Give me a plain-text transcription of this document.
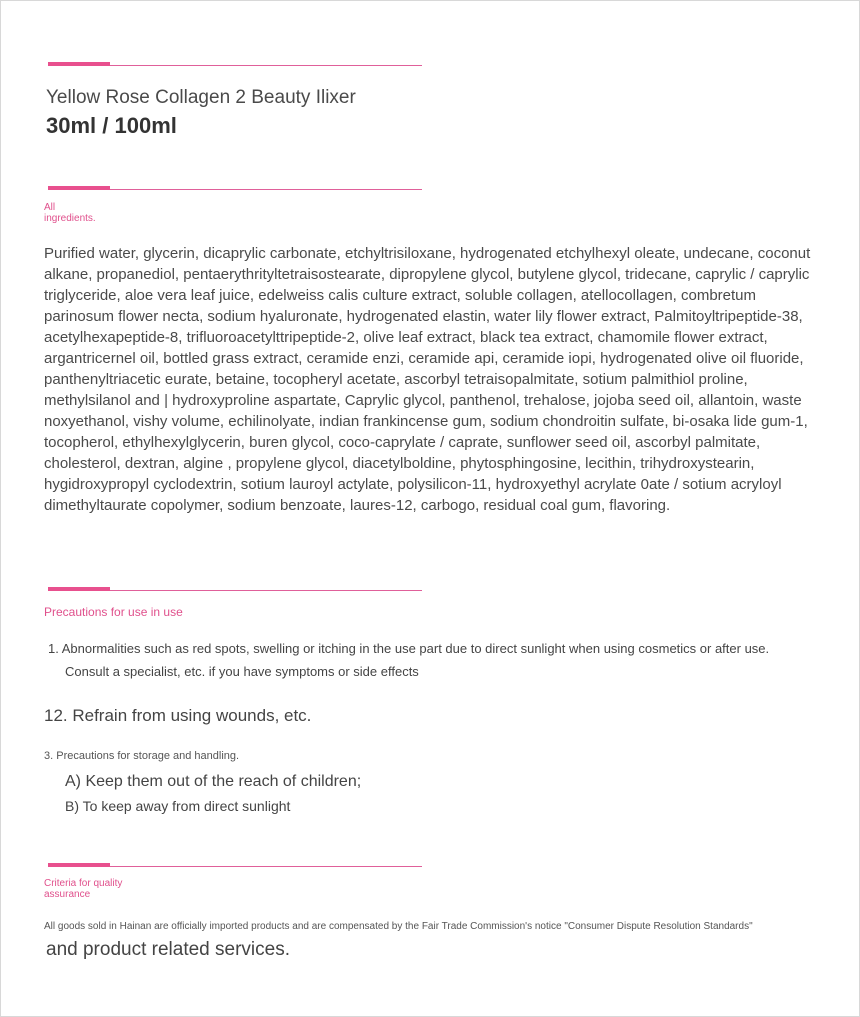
Yellow Rose Collagen 2 Beauty Ilixer
30ml / 100ml
All
ingredients.
Purified water, glycerin, dicaprylic carbonate, etchyltrisiloxane, hydrogenated etchylhexyl oleate, undecane, coconut alkane, propanediol, pentaerythrityltetraisostearate, dipropylene glycol, butylene glycol, tridecane, caprylic / caprylic triglyceride, aloe vera leaf juice, edelweiss calis culture extract, soluble collagen, atellocollagen, combretum parinosum flower necta, sodium hyaluronate, hydrogenated elastin, water lily flower extract, Palmitoyltripeptide-38, acetylhexapeptide-8, trifluoroacetylttripeptide-2, olive leaf extract, black tea extract, chamomile flower extract, argantricernel oil, bottled grass extract, ceramide enzi, ceramide api, ceramide iopi, hydrogenated olive oil fluoride, panthenyltriacetic eurate, betaine, tocopheryl acetate, ascorbyl tetraisopalmitate, sotium palmithiol proline, methylsilanol and | hydroxyproline aspartate, Caprylic glycol, panthenol, trehalose, jojoba seed oil, allantoin, waste noxyethanol, vishy volume, echilinolyate, indian frankincense gum, sodium chondroitin sulfate, bi-osaka lide gum-1, tocopherol, ethylhexylglycerin, buren glycol, coco-caprylate / caprate, sunflower seed oil, ascorbyl palmitate, cholesterol, dextran, algine , propylene glycol, diacetylboldine, phytosphingosine, lecithin, trihydroxystearin, hygidroxypropyl cyclodextrin, sotium lauroyl actylate, polysilicon-11, hydroxyethyl acrylate 0ate / sotium acryloyl dimethyltaurate copolymer, sodium benzoate, laures-12, carbogo, residual coal gum, flavoring.
Precautions for use in use
1. Abnormalities such as red spots, swelling or itching in the use part due to direct sunlight when using cosmetics or after use.
Consult a specialist, etc. if you have symptoms or side effects
12. Refrain from using wounds, etc.
3. Precautions for storage and handling.
A) Keep them out of the reach of children;
B) To keep away from direct sunlight
Criteria for quality
assurance
All goods sold in Hainan are officially imported products and are compensated by the Fair Trade Commission's notice "Consumer Dispute Resolution Standards"
and product related services.
